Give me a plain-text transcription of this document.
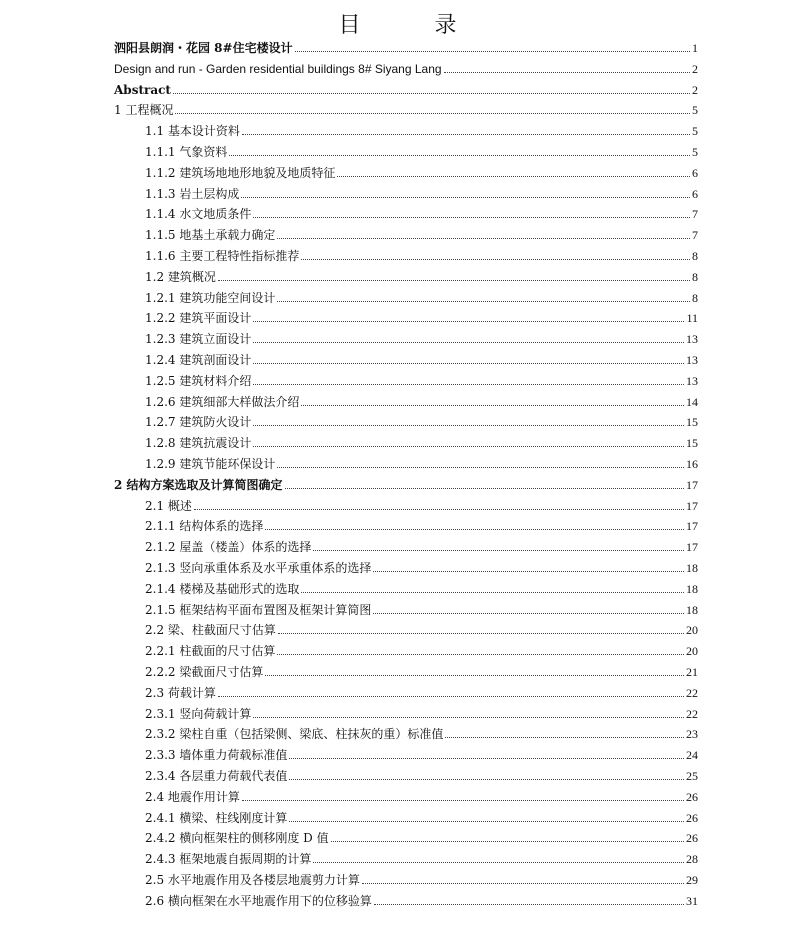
目　录
泗阳县朗润・花园 8#住宅楼设计	1
Design and run - Garden residential buildings 8# Siyang Lang	2
Abstract	2
1 工程概况	5
1.1 基本设计资料	5
1.1.1 气象资料	5
1.1.2 建筑场地地形地貌及地质特征	6
1.1.3 岩土层构成	6
1.1.4 水文地质条件	7
1.1.5 地基土承载力确定	7
1.1.6 主要工程特性指标推荐	8
1.2 建筑概况	8
1.2.1 建筑功能空间设计	8
1.2.2 建筑平面设计	11
1.2.3 建筑立面设计	13
1.2.4 建筑剖面设计	13
1.2.5 建筑材料介绍	13
1.2.6 建筑细部大样做法介绍	14
1.2.7 建筑防火设计	15
1.2.8 建筑抗震设计	15
1.2.9 建筑节能环保设计	16
2 结构方案选取及计算简图确定	17
2.1 概述	17
2.1.1 结构体系的选择	17
2.1.2 屋盖（楼盖）体系的选择	17
2.1.3 竖向承重体系及水平承重体系的选择	18
2.1.4 楼梯及基础形式的选取	18
2.1.5 框架结构平面布置图及框架计算简图	18
2.2 梁、柱截面尺寸估算	20
2.2.1 柱截面的尺寸估算	20
2.2.2 梁截面尺寸估算	21
2.3 荷载计算	22
2.3.1 竖向荷载计算	22
2.3.2 梁柱自重（包括梁侧、梁底、柱抹灰的重）标准值	23
2.3.3 墙体重力荷载标准值	24
2.3.4 各层重力荷载代表值	25
2.4 地震作用计算	26
2.4.1 横梁、柱线刚度计算	26
2.4.2 横向框架柱的侧移刚度 D 值	26
2.4.3 框架地震自振周期的计算	28
2.5 水平地震作用及各楼层地震剪力计算	29
2.6 横向框架在水平地震作用下的位移验算	31
